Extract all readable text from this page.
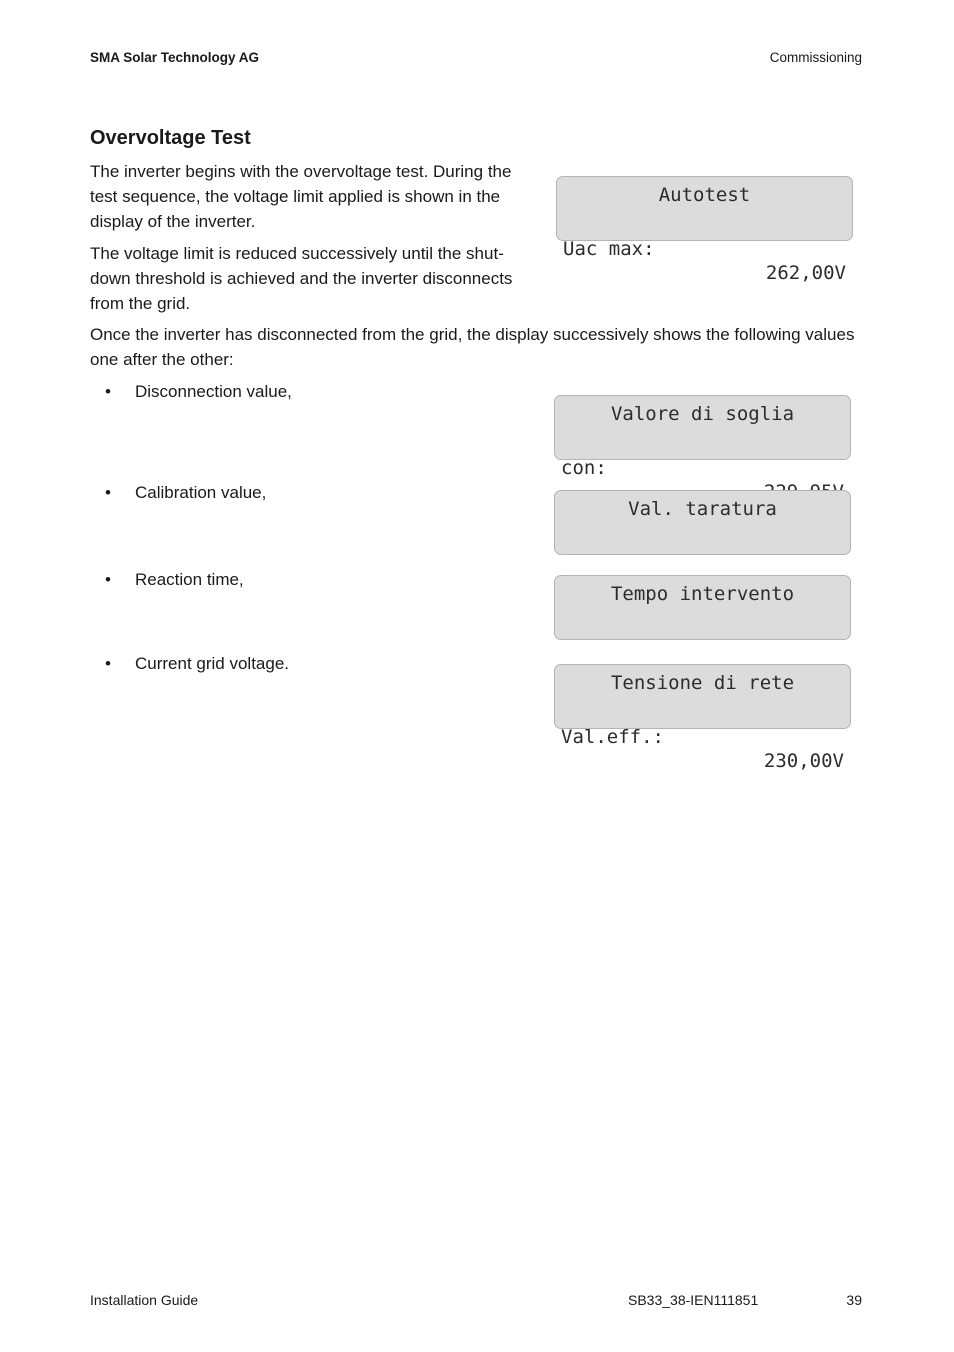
SMA Solar Technology AG	Commissioning
Overvoltage Test
The inverter begins with the overvoltage test. During the test sequence, the voltage limit applied is shown in the display of the inverter.
The voltage limit is reduced successively until the shut-down threshold is achieved and the inverter disconnects from the grid.
Once the inverter has disconnected from the grid, the display successively shows the following values one after the other:
Autotest

Uac max:

262,00V

• Disconnection value,
Valore di soglia

con:

• Calibration value,
Val. taratura

• Reaction time,
Tempo intervento

• Current grid voltage.
Tensione di rete

Val.eff.:

230,00V

Installation Guide	SB33_38-IEN111851	39
